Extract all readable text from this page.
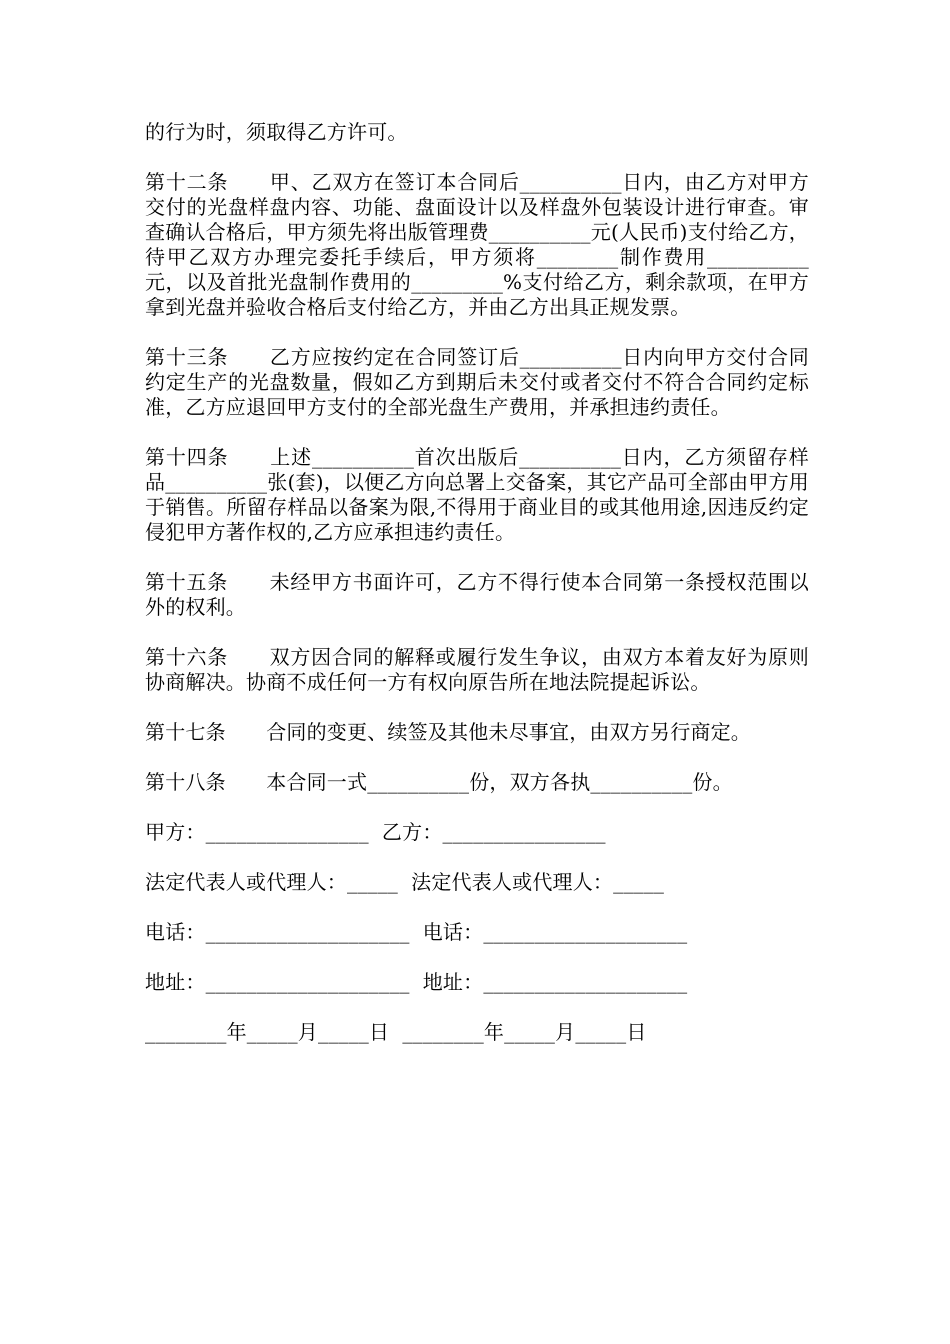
的行为时，须取得乙方许可。

第十二条　　甲、乙双方在签订本合同后__________日内，由乙方对甲方交付的光盘样盘内容、功能、盘面设计以及样盘外包装设计进行审查。审查确认合格后，甲方须先将出版管理费__________元(人民币)支付给乙方，待甲乙双方办理完委托手续后，甲方须将________制作费用__________元，以及首批光盘制作费用的_________%支付给乙方，剩余款项，在甲方拿到光盘并验收合格后支付给乙方，并由乙方出具正规发票。

第十三条　　乙方应按约定在合同签订后__________日内向甲方交付合同约定生产的光盘数量，假如乙方到期后未交付或者交付不符合合同约定标准，乙方应退回甲方支付的全部光盘生产费用，并承担违约责任。

第十四条　　上述__________首次出版后__________日内，乙方须留存样品__________张(套)，以便乙方向总署上交备案，其它产品可全部由甲方用于销售。所留存样品以备案为限,不得用于商业目的或其他用途,因违反约定侵犯甲方著作权的,乙方应承担违约责任。

第十五条　　未经甲方书面许可，乙方不得行使本合同第一条授权范围以外的权利。

第十六条　　双方因合同的解释或履行发生争议，由双方本着友好为原则协商解决。协商不成任何一方有权向原告所在地法院提起诉讼。

第十七条　　合同的变更、续签及其他未尽事宜，由双方另行商定。

第十八条　　本合同一式__________份，双方各执__________份。

甲方：________________  乙方：________________

法定代表人或代理人：_____  法定代表人或代理人：_____

电话：____________________  电话：____________________

地址：____________________  地址：____________________

________年_____月_____日  ________年_____月_____日
